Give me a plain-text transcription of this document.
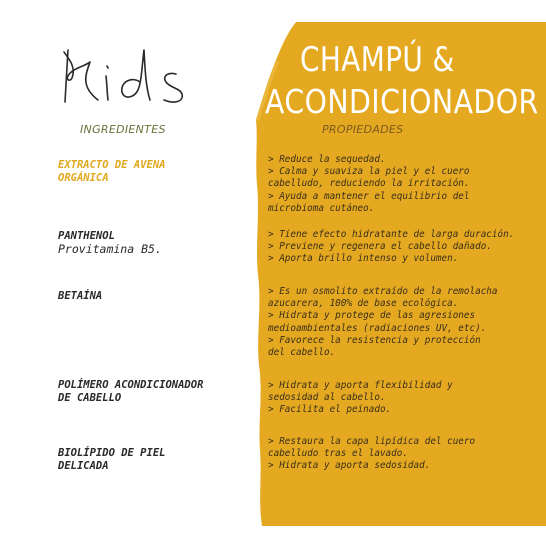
CHAMPÚ &
ACONDICIONADOR
INGREDIENTES	PROPIEDADES
EXTRACTO DE AVENA
ORGÁNICA
> Reduce la sequedad.
> Calma y suaviza la piel y el cuero
cabelludo, reduciendo la irritación.
> Ayuda a mantener el equilibrio del
microbioma cutáneo.
PANTHENOL
Provitamina B5.
> Tiene efecto hidratante de larga duración.
> Previene y regenera el cabello dañado.
> Aporta brillo intenso y volumen.
BETAÍNA	> Es un osmolito extraído de la remolacha
azucarera, 100% de base ecológica.
> Hidrata y protege de las agresiones
medioambientales (radiaciones UV, etc).
> Favorece la resistencia y protección
del cabello.
POLÍMERO ACONDICIONADOR
DE CABELLO
> Hidrata y aporta flexibilidad y
sedosidad al cabello.
> Facilita el peinado.
BIOLÍPIDO DE PIEL
DELICADA
> Restaura la capa lipídica del cuero
cabelludo tras el lavado.
> Hidrata y aporta sedosidad.
